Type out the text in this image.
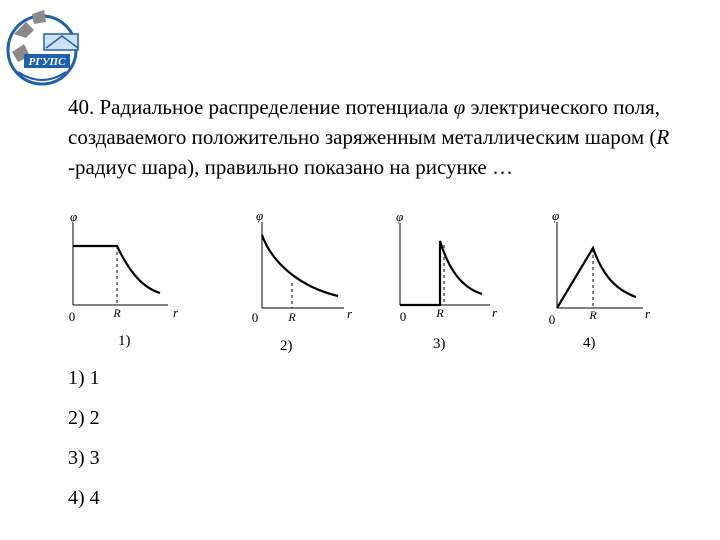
РГУПС
40. Радиальное распределение потенциала φ электрического поля, создаваемого положительно заряженным металлическим шаром (R -радиус шара), правильно показано на рисунке …
φ
0	R	r
1)
φ
0	R	r
2)
φ
0	R	r
3)
φ
0	R	r
4)
1) 1
2) 2
3) 3
4) 4
